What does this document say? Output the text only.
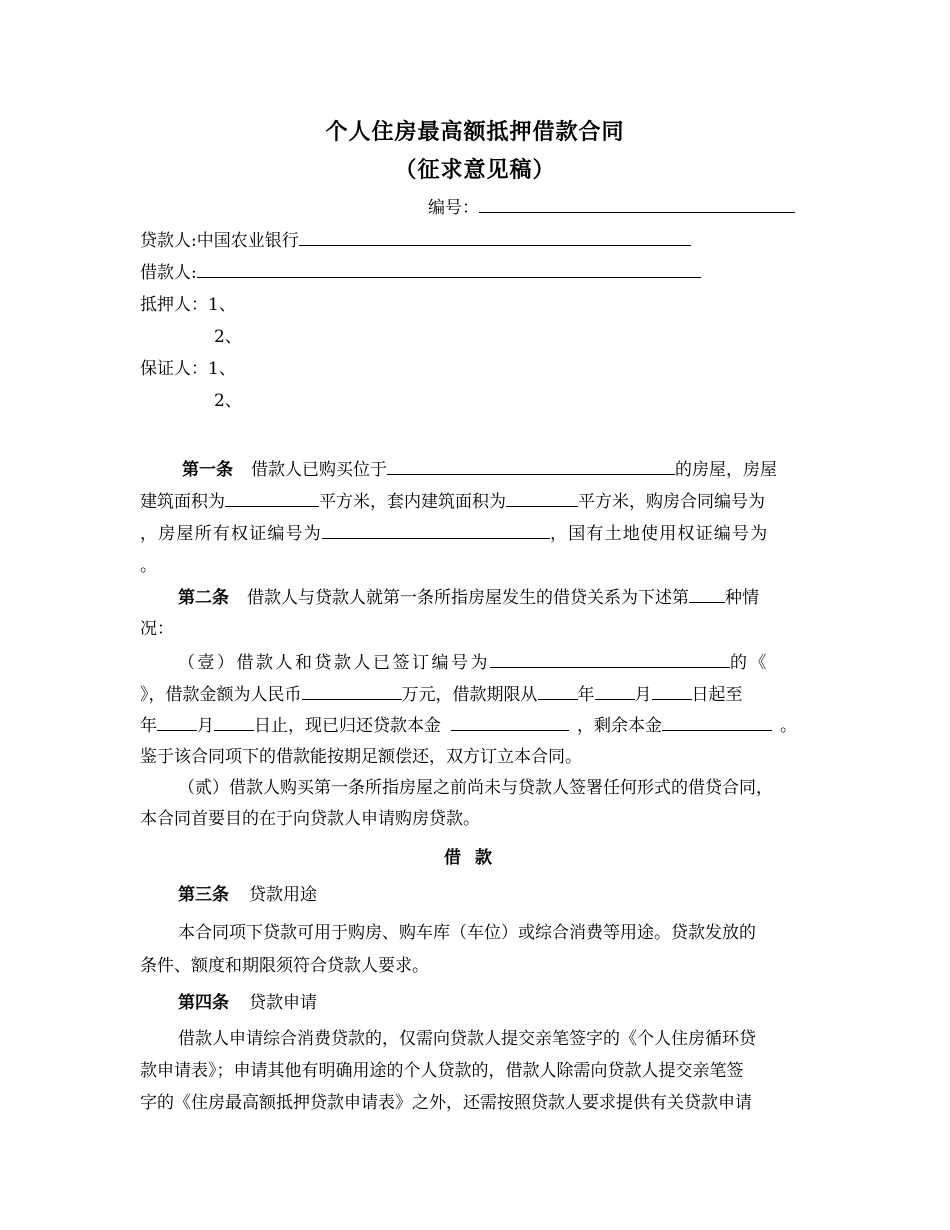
个人住房最高额抵押借款合同
（征求意见稿）
编号：
贷款人:中国农业银行
借款人:
抵押人：1、
2、
保证人：1、
2、
第一条 借款人已购买位于	的房屋，房屋
建筑面积为	平方米，套内建筑面积为	平方米，购房合同编号为
，房屋所有权证编号为	，国有土地使用权证编号为
。
第二条 借款人与贷款人就第一条所指房屋发生的借贷关系为下述第 种情
况：
（壹）借款人和贷款人已签订编号为	的《
》，借款金额为人民币	万元，借款期限从 年 月 日起至
年 月 日止，现已归还贷款本金	，剩余本金	。
鉴于该合同项下的借款能按期足额偿还，双方订立本合同。
（贰）借款人购买第一条所指房屋之前尚未与贷款人签署任何形式的借贷合同，
本合同首要目的在于向贷款人申请购房贷款。
借款
第三条 贷款用途
本合同项下贷款可用于购房、购车库（车位）或综合消费等用途。贷款发放的
条件、额度和期限须符合贷款人要求。
第四条 贷款申请
借款人申请综合消费贷款的，仅需向贷款人提交亲笔签字的《个人住房循环贷
款申请表》；申请其他有明确用途的个人贷款的，借款人除需向贷款人提交亲笔签
字的《住房最高额抵押贷款申请表》之外，还需按照贷款人要求提供有关贷款申请
